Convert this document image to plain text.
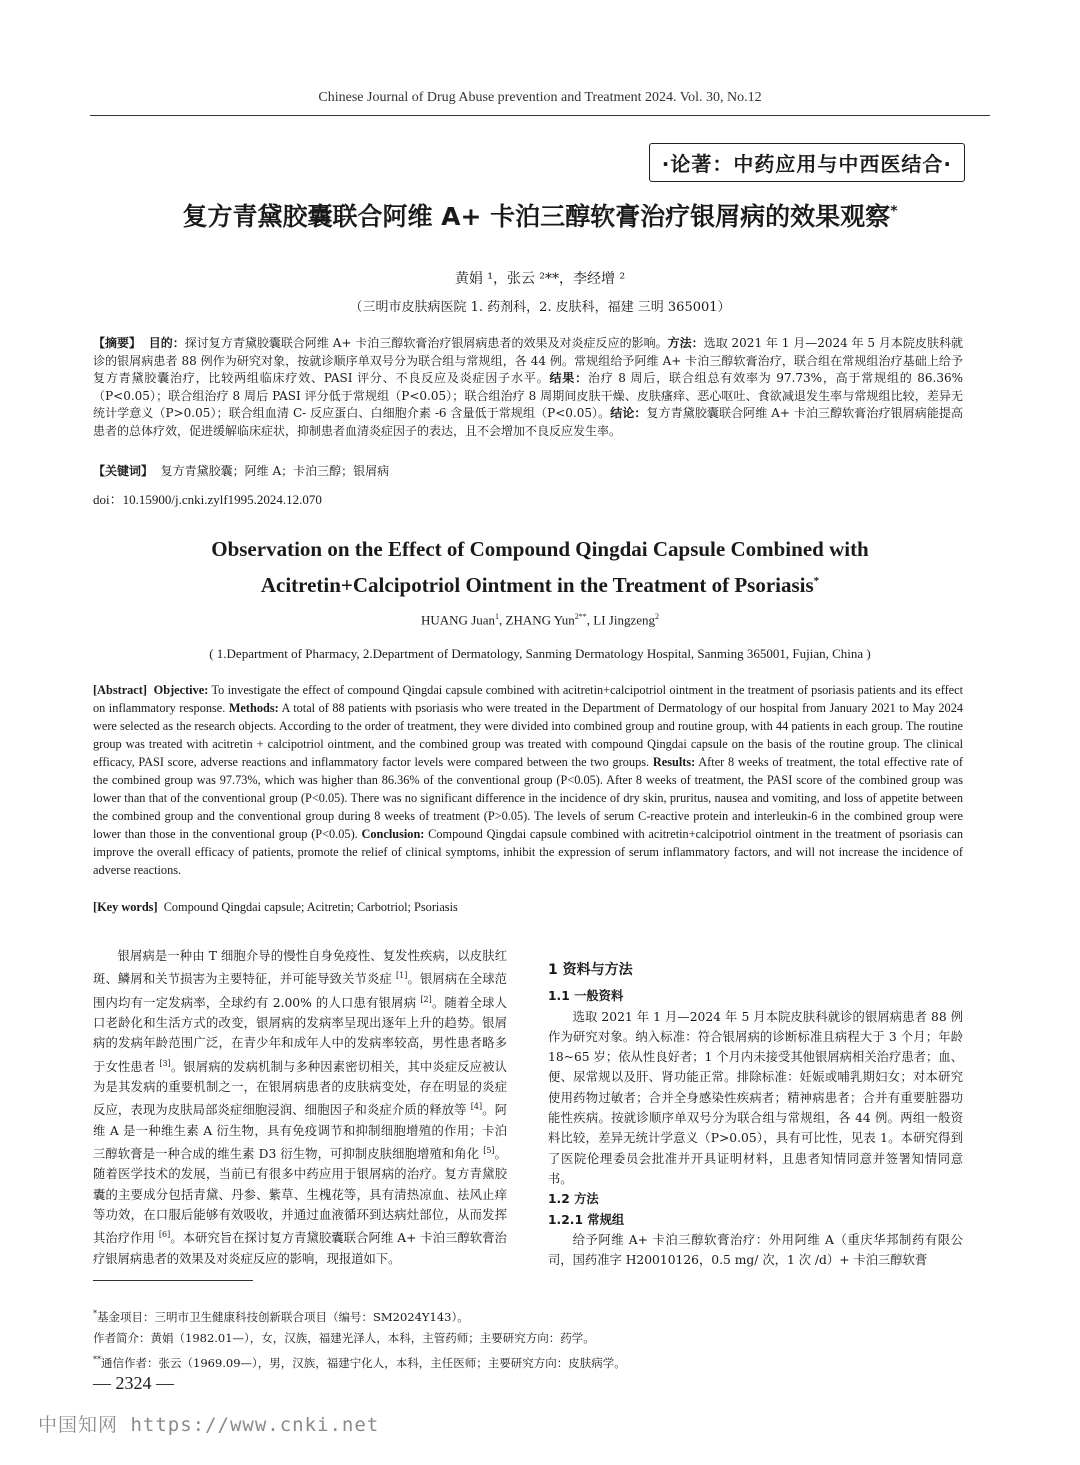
Chinese Journal of Drug Abuse prevention and Treatment 2024. Vol. 30, No.12
·论著：中药应用与中西医结合·
复方青黛胶囊联合阿维 A+ 卡泊三醇软膏治疗银屑病的效果观察*
黄娟 ¹，张云 ²**，李经增 ²
（三明市皮肤病医院 1. 药剂科，2. 皮肤科，福建 三明 365001）
【摘要】 目的：探讨复方青黛胶囊联合阿维 A+ 卡泊三醇软膏治疗银屑病患者的效果及对炎症反应的影响。方法：选取 2021 年 1 月—2024 年 5 月本院皮肤科就诊的银屑病患者 88 例作为研究对象，按就诊顺序单双号分为联合组与常规组，各 44 例。常规组给予阿维 A+ 卡泊三醇软膏治疗，联合组在常规组治疗基础上给予复方青黛胶囊治疗，比较两组临床疗效、PASI 评分、不良反应及炎症因子水平。结果：治疗 8 周后，联合组总有效率为 97.73%，高于常规组的 86.36%（P<0.05）；联合组治疗 8 周后 PASI 评分低于常规组（P<0.05）；联合组治疗 8 周期间皮肤干燥、皮肤瘙痒、恶心呕吐、食欲减退发生率与常规组比较，差异无统计学意义（P>0.05）；联合组血清 C- 反应蛋白、白细胞介素 -6 含量低于常规组（P<0.05）。结论：复方青黛胶囊联合阿维 A+ 卡泊三醇软膏治疗银屑病能提高患者的总体疗效，促进缓解临床症状，抑制患者血清炎症因子的表达，且不会增加不良反应发生率。
【关键词】 复方青黛胶囊；阿维 A；卡泊三醇；银屑病
doi：10.15900/j.cnki.zylf1995.2024.12.070
Observation on the Effect of Compound Qingdai Capsule Combined with
Acitretin+Calcipotriol Ointment in the Treatment of Psoriasis*
HUANG Juan$^1$, ZHANG Yun$^{2**}$, LI Jingzeng$^2$
( 1.Department of Pharmacy, 2.Department of Dermatology, Sanming Dermatology Hospital, Sanming 365001, Fujian, China )
[Abstract] Objective: To investigate the effect of compound Qingdai capsule combined with acitretin+calcipotriol ointment in the treatment of psoriasis patients and its effect on inflammatory response. Methods: A total of 88 patients with psoriasis who were treated in the Department of Dermatology of our hospital from January 2021 to May 2024 were selected as the research objects. According to the order of treatment, they were divided into combined group and routine group, with 44 patients in each group. The routine group was treated with acitretin + calcipotriol ointment, and the combined group was treated with compound Qingdai capsule on the basis of the routine group. The clinical efficacy, PASI score, adverse reactions and inflammatory factor levels were compared between the two groups. Results: After 8 weeks of treatment, the total effective rate of the combined group was 97.73%, which was higher than 86.36% of the conventional group (P<0.05). After 8 weeks of treatment, the PASI score of the combined group was lower than that of the conventional group (P<0.05). There was no significant difference in the incidence of dry skin, pruritus, nausea and vomiting, and loss of appetite between the combined group and the conventional group during 8 weeks of treatment (P>0.05). The levels of serum C-reactive protein and interleukin-6 in the combined group were lower than those in the conventional group (P<0.05). Conclusion: Compound Qingdai capsule combined with acitretin+calcipotriol ointment in the treatment of psoriasis can improve the overall efficacy of patients, promote the relief of clinical symptoms, inhibit the expression of serum inflammatory factors, and will not increase the incidence of adverse reactions.
[Key words] Compound Qingdai capsule; Acitretin; Carbotriol; Psoriasis
银屑病是一种由 T 细胞介导的慢性自身免疫性、复发性疾病，以皮肤红斑、鳞屑和关节损害为主要特征，并可能导致关节炎症 [1]。银屑病在全球范围内均有一定发病率，全球约有 2.00% 的人口患有银屑病 [2]。随着全球人口老龄化和生活方式的改变，银屑病的发病率呈现出逐年上升的趋势。银屑病的发病年龄范围广泛，在青少年和成年人中的发病率较高，男性患者略多于女性患者 [3]。银屑病的发病机制与多种因素密切相关，其中炎症反应被认为是其发病的重要机制之一，在银屑病患者的皮肤病变处，存在明显的炎症反应，表现为皮肤局部炎症细胞浸润、细胞因子和炎症介质的释放等 [4]。阿维 A 是一种维生素 A 衍生物，具有免疫调节和抑制细胞增殖的作用；卡泊三醇软膏是一种合成的维生素 D3 衍生物，可抑制皮肤细胞增殖和角化 [5]。随着医学技术的发展，当前已有很多中药应用于银屑病的治疗。复方青黛胶囊的主要成分包括青黛、丹参、紫草、生槐花等，具有清热凉血、祛风止痒等功效，在口服后能够有效吸收，并通过血液循环到达病灶部位，从而发挥其治疗作用 [6]。本研究旨在探讨复方青黛胶囊联合阿维 A+ 卡泊三醇软膏治疗银屑病患者的效果及对炎症反应的影响，现报道如下。
1 资料与方法
1.1 一般资料

选取 2021 年 1 月—2024 年 5 月本院皮肤科就诊的银屑病患者 88 例作为研究对象。纳入标准：符合银屑病的诊断标准且病程大于 3 个月；年龄 18~65 岁；依从性良好者；1 个月内未接受其他银屑病相关治疗患者；血、便、尿常规以及肝、肾功能正常。排除标准：妊娠或哺乳期妇女；对本研究使用药物过敏者；合并全身感染性疾病者；精神病患者；合并有重要脏器功能性疾病。按就诊顺序单双号分为联合组与常规组，各 44 例。两组一般资料比较，差异无统计学意义（P>0.05），具有可比性，见表 1。本研究得到了医院伦理委员会批准并开具证明材料，且患者知情同意并签署知情同意书。

1.2 方法
1.2.1 常规组

给予阿维 A+ 卡泊三醇软膏治疗：外用阿维 A（重庆华邦制药有限公司，国药准字 H20010126，0.5 mg/ 次，1 次 /d）+ 卡泊三醇软膏

*基金项目：三明市卫生健康科技创新联合项目（编号：SM2024Y143）。
作者简介：黄娟（1982.01—），女，汉族，福建光泽人，本科，主管药师；主要研究方向：药学。
**通信作者：张云（1969.09—），男，汉族，福建宁化人，本科，主任医师；主要研究方向：皮肤病学。
— 2324 —
中国知网 https://www.cnki.net
